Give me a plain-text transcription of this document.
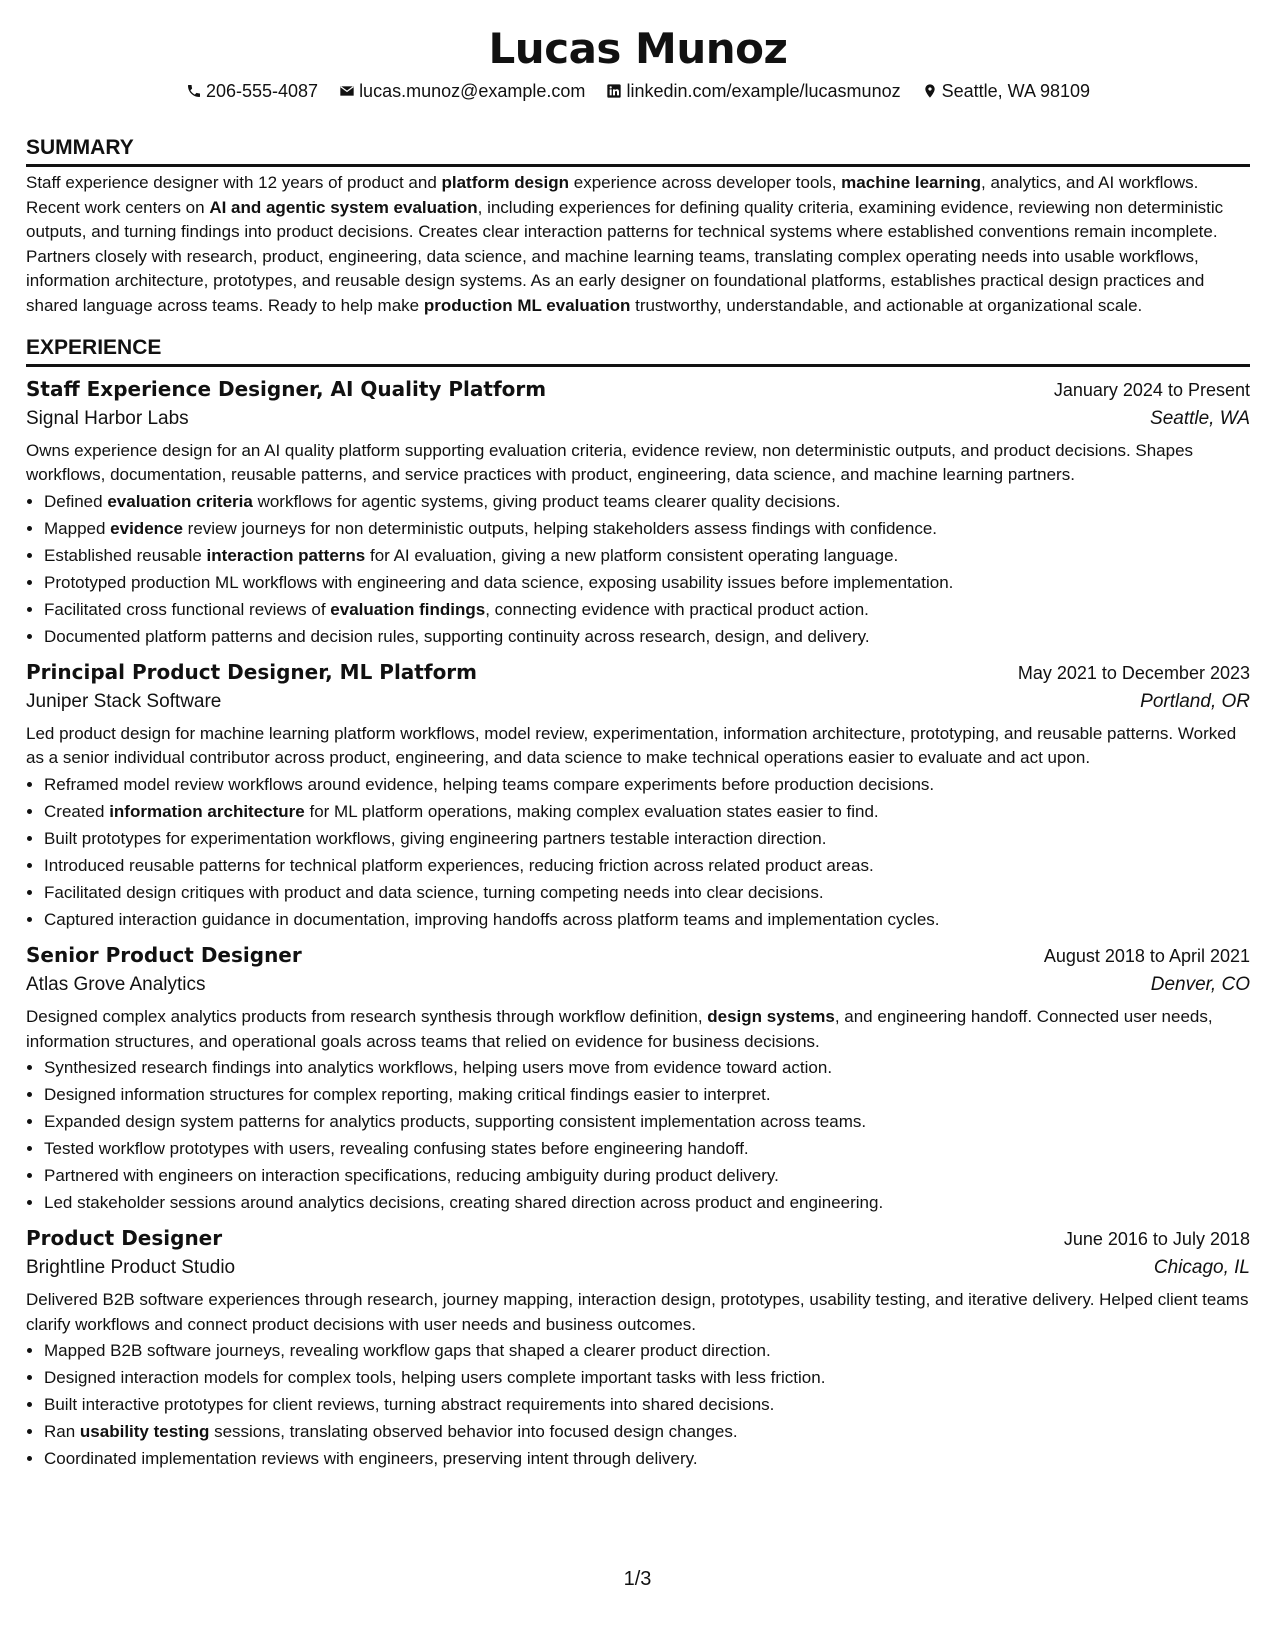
Lucas Munoz
206-555-4087 lucas.munoz@example.com linkedin.com/example/lucasmunoz Seattle, WA 98109
SUMMARY
Staff experience designer with 12 years of product and platform design experience across developer tools, machine learning, analytics, and AI workflows. Recent work centers on AI and agentic system evaluation, including experiences for defining quality criteria, examining evidence, reviewing non deterministic outputs, and turning findings into product decisions. Creates clear interaction patterns for technical systems where established conventions remain incomplete. Partners closely with research, product, engineering, data science, and machine learning teams, translating complex operating needs into usable workflows, information architecture, prototypes, and reusable design systems. As an early designer on foundational platforms, establishes practical design practices and shared language across teams. Ready to help make production ML evaluation trustworthy, understandable, and actionable at organizational scale.
EXPERIENCE
Staff Experience Designer, AI Quality Platform	January 2024 to Present
Signal Harbor Labs	Seattle, WA
Owns experience design for an AI quality platform supporting evaluation criteria, evidence review, non deterministic outputs, and product decisions. Shapes workflows, documentation, reusable patterns, and service practices with product, engineering, data science, and machine learning partners.
• Defined evaluation criteria workflows for agentic systems, giving product teams clearer quality decisions.
• Mapped evidence review journeys for non deterministic outputs, helping stakeholders assess findings with confidence.
• Established reusable interaction patterns for AI evaluation, giving a new platform consistent operating language.
• Prototyped production ML workflows with engineering and data science, exposing usability issues before implementation.
• Facilitated cross functional reviews of evaluation findings, connecting evidence with practical product action.
• Documented platform patterns and decision rules, supporting continuity across research, design, and delivery.
Principal Product Designer, ML Platform	May 2021 to December 2023
Juniper Stack Software	Portland, OR
Led product design for machine learning platform workflows, model review, experimentation, information architecture, prototyping, and reusable patterns. Worked as a senior individual contributor across product, engineering, and data science to make technical operations easier to evaluate and act upon.
• Reframed model review workflows around evidence, helping teams compare experiments before production decisions.
• Created information architecture for ML platform operations, making complex evaluation states easier to find.
• Built prototypes for experimentation workflows, giving engineering partners testable interaction direction.
• Introduced reusable patterns for technical platform experiences, reducing friction across related product areas.
• Facilitated design critiques with product and data science, turning competing needs into clear decisions.
• Captured interaction guidance in documentation, improving handoffs across platform teams and implementation cycles.
Senior Product Designer	August 2018 to April 2021
Atlas Grove Analytics	Denver, CO
Designed complex analytics products from research synthesis through workflow definition, design systems, and engineering handoff. Connected user needs, information structures, and operational goals across teams that relied on evidence for business decisions.
• Synthesized research findings into analytics workflows, helping users move from evidence toward action.
• Designed information structures for complex reporting, making critical findings easier to interpret.
• Expanded design system patterns for analytics products, supporting consistent implementation across teams.
• Tested workflow prototypes with users, revealing confusing states before engineering handoff.
• Partnered with engineers on interaction specifications, reducing ambiguity during product delivery.
• Led stakeholder sessions around analytics decisions, creating shared direction across product and engineering.
Product Designer	June 2016 to July 2018
Brightline Product Studio	Chicago, IL
Delivered B2B software experiences through research, journey mapping, interaction design, prototypes, usability testing, and iterative delivery. Helped client teams clarify workflows and connect product decisions with user needs and business outcomes.
• Mapped B2B software journeys, revealing workflow gaps that shaped a clearer product direction.
• Designed interaction models for complex tools, helping users complete important tasks with less friction.
• Built interactive prototypes for client reviews, turning abstract requirements into shared decisions.
• Ran usability testing sessions, translating observed behavior into focused design changes.
• Coordinated implementation reviews with engineers, preserving intent through delivery.
1/3
